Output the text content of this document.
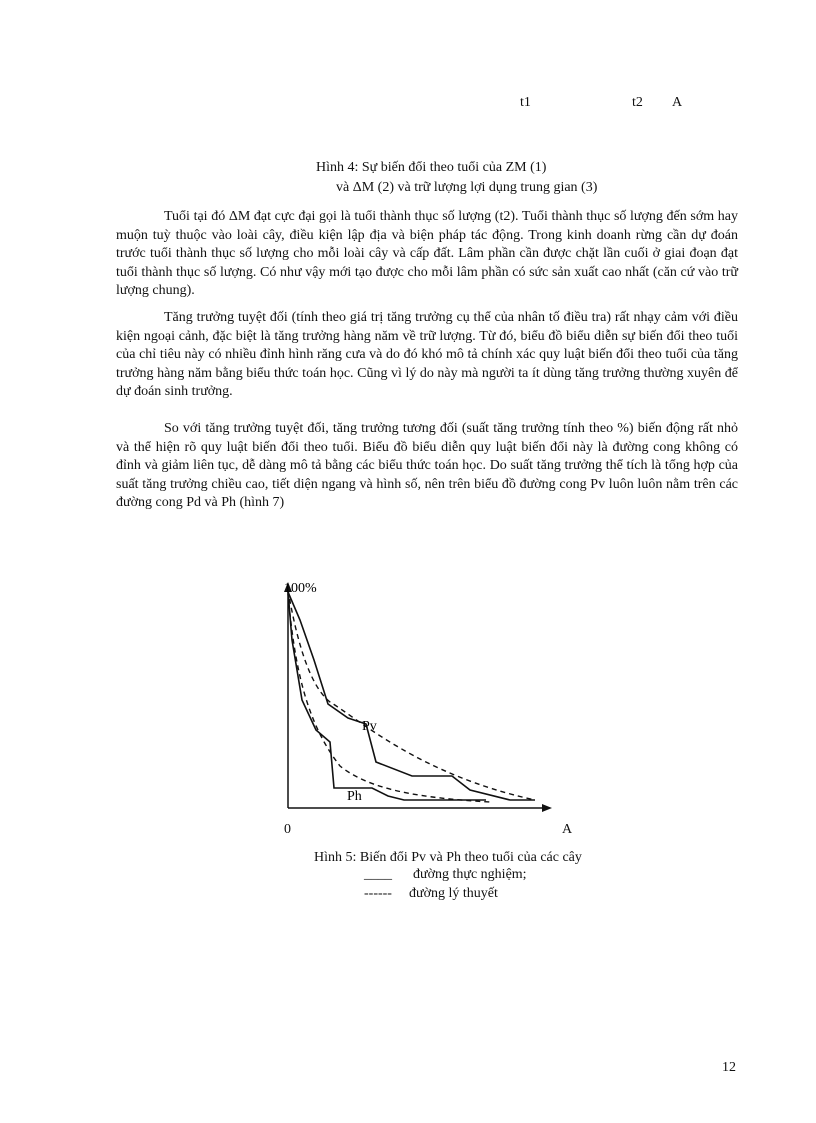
t1	t2 A
Hình 4: Sự biến đổi theo tuổi của ZM (1)
và ΔM (2) và trữ lượng lợi dụng trung gian (3)

Tuổi tại đó ΔM đạt cực đại gọi là tuổi thành thục số lượng (t2). Tuổi thành thục số lượng đến sớm hay muộn tuỳ thuộc vào loài cây, điều kiện lập địa và biện pháp tác động. Trong kinh doanh rừng cần dự đoán trước tuổi thành thục số lượng cho mỗi loài cây và cấp đất. Lâm phần cần được chặt lần cuối ở giai đoạn đạt tuổi thành thục số lượng. Có như vậy mới tạo được cho mỗi lâm phần có sức sản xuất cao nhất (căn cứ vào trữ lượng chung).

Tăng trưởng tuyệt đối (tính theo giá trị tăng trưởng cụ thể của nhân tố điều tra) rất nhạy cảm với điều kiện ngoại cảnh, đặc biệt là tăng trưởng hàng năm về trữ lượng. Từ đó, biểu đồ biểu diễn sự biến đổi theo tuổi của chỉ tiêu này có nhiều đỉnh hình răng cưa và do đó khó mô tả chính xác quy luật biến đổi theo tuổi của tăng trưởng hàng năm bằng biểu thức toán học. Cũng vì lý do này mà người ta ít dùng tăng trưởng thường xuyên để dự đoán sinh trưởng.

So với tăng trưởng tuyệt đối, tăng trưởng tương đối (suất tăng trưởng tính theo %) biến động rất nhỏ và thể hiện rõ quy luật biến đổi theo tuổi. Biểu đồ biểu diễn quy luật biến đổi này là đường cong không có đỉnh và giảm liên tục, dễ dàng mô tả bằng các biểu thức toán học. Do suất tăng trưởng thể tích là tổng hợp của suất tăng trưởng chiều cao, tiết diện ngang và hình số, nên trên biểu đồ đường cong Pv luôn luôn nằm trên các đường cong Pd và Ph (hình 7)

Pv
Ph
100%
0	A
Hình 5: Biến đổi Pv và Ph theo tuổi của các cây
____ đường thực nghiệm;
------ đường lý thuyết
12
